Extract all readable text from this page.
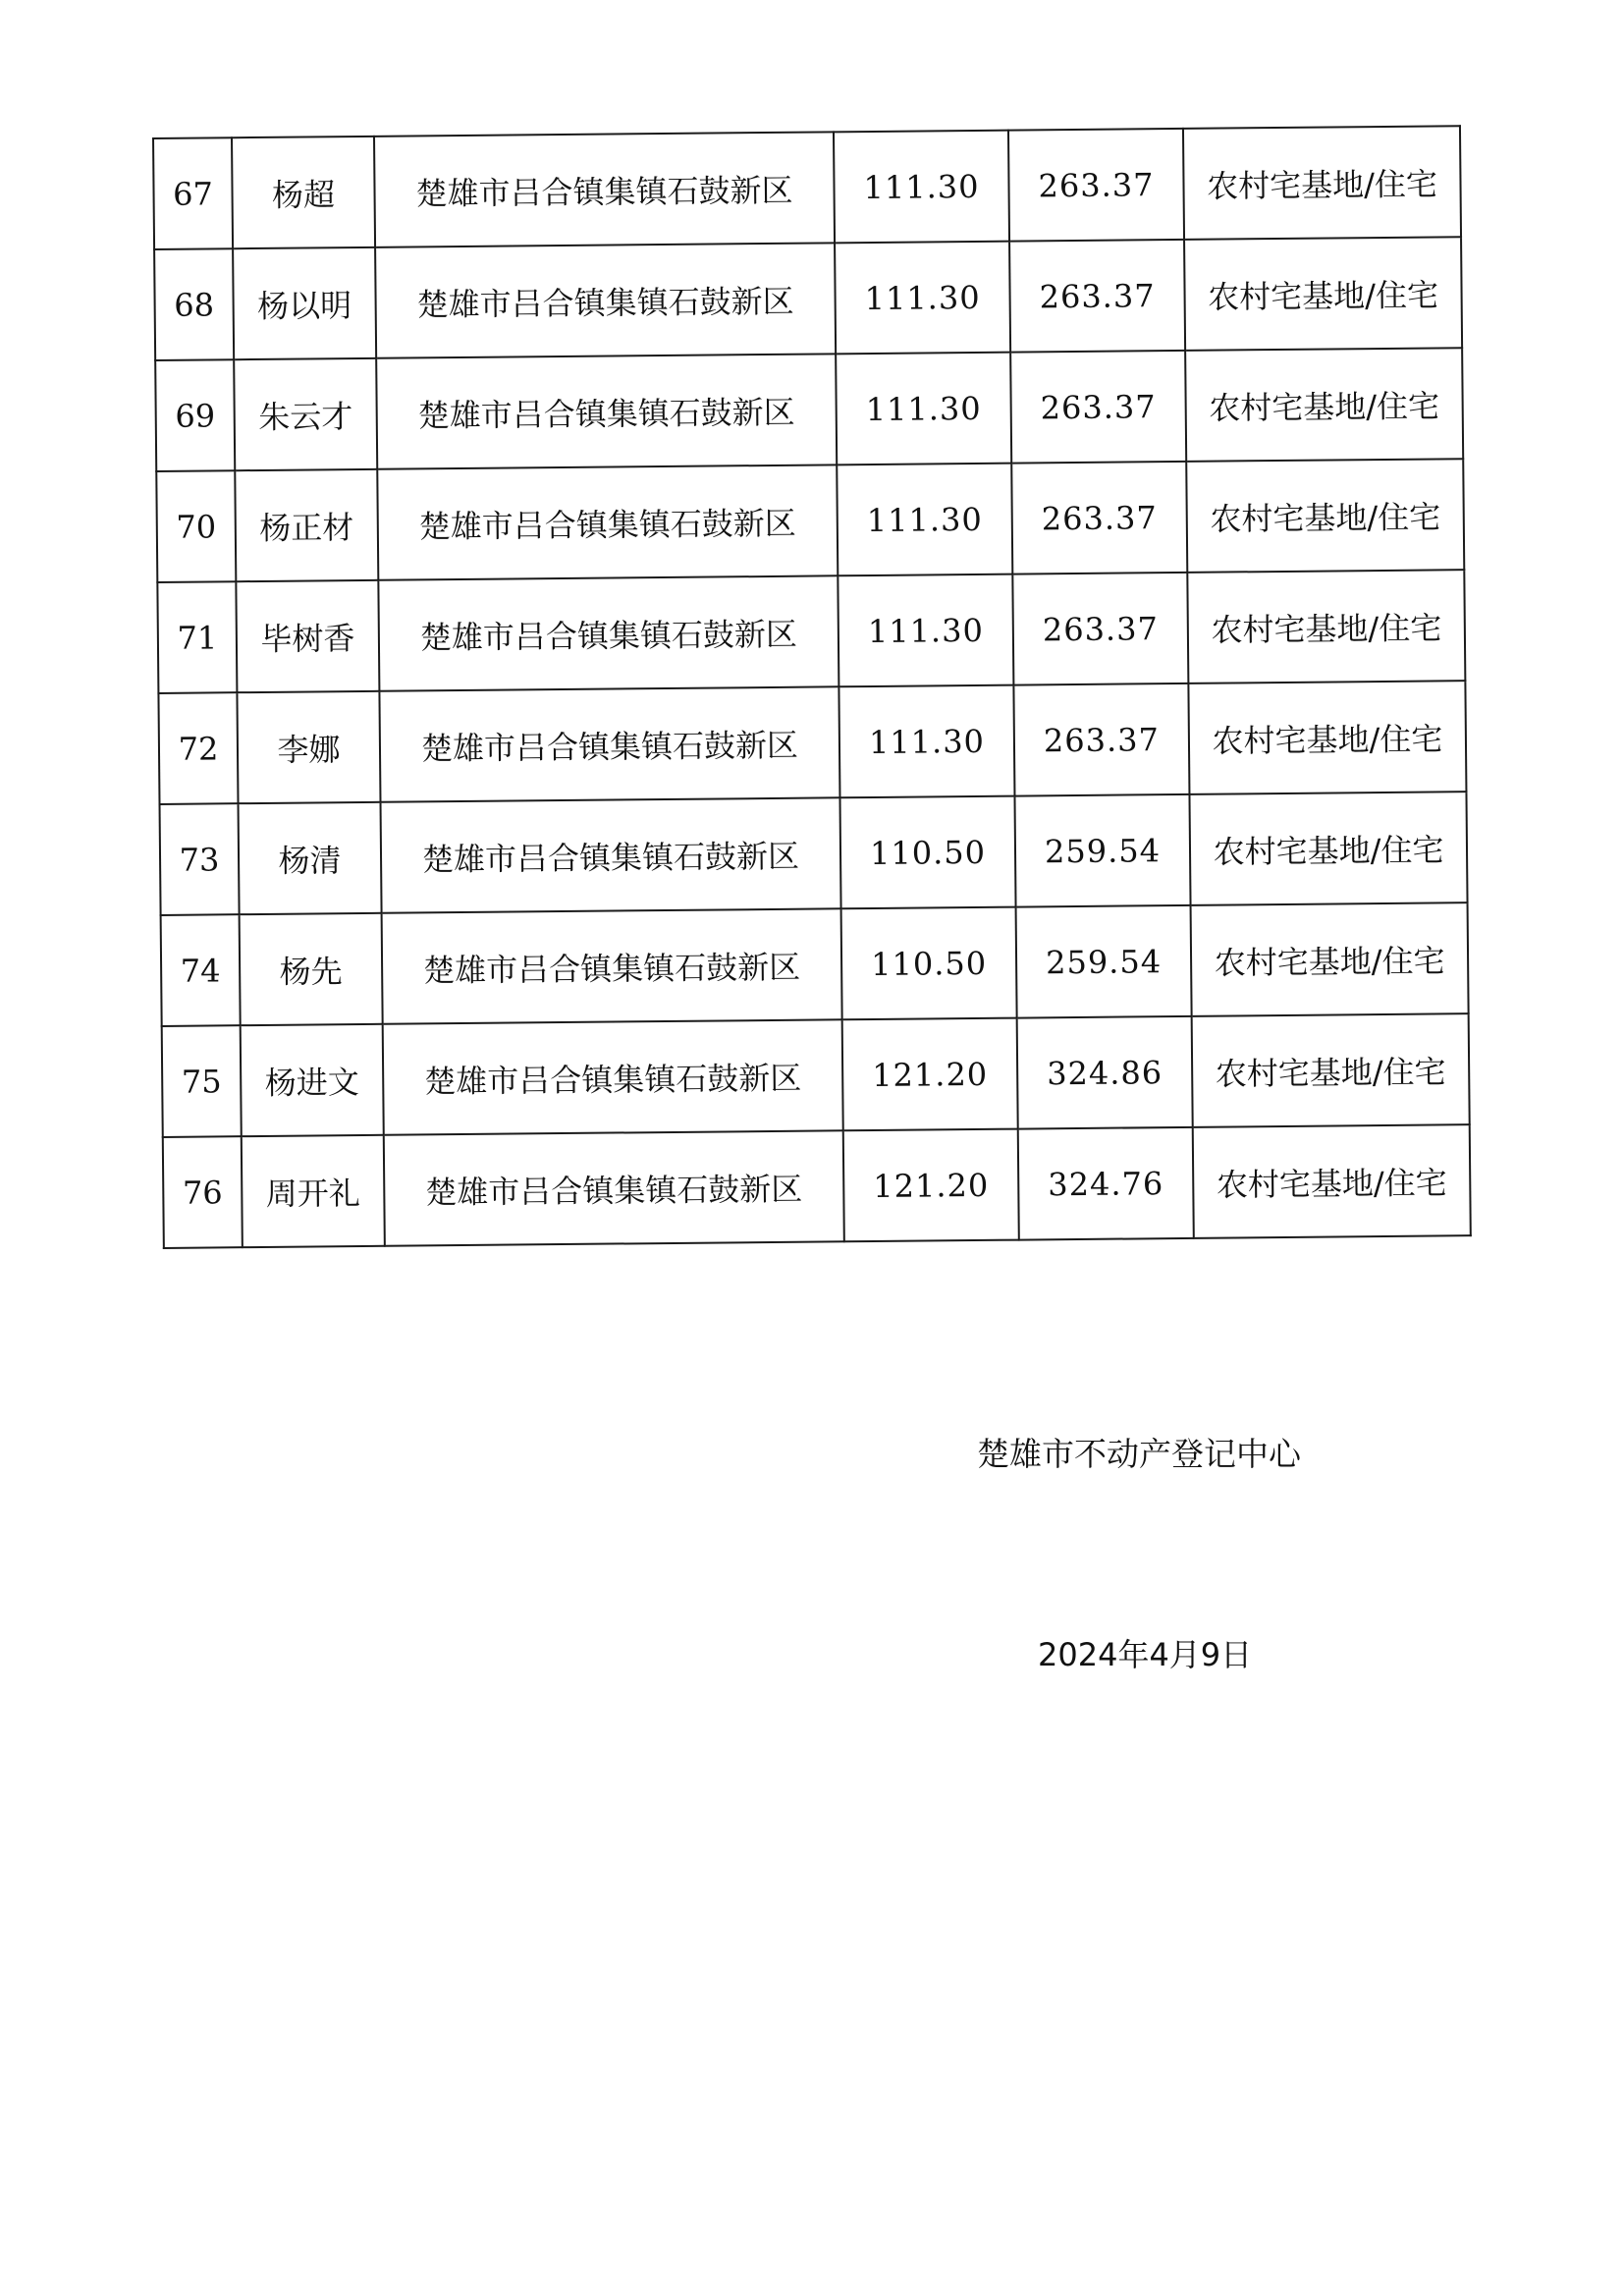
67	杨超	楚雄市吕合镇集镇石鼓新区	111.30	263.37	农村宅基地/住宅
68	杨以明	楚雄市吕合镇集镇石鼓新区	111.30	263.37	农村宅基地/住宅
69	朱云才	楚雄市吕合镇集镇石鼓新区	111.30	263.37	农村宅基地/住宅
70	杨正材	楚雄市吕合镇集镇石鼓新区	111.30	263.37	农村宅基地/住宅
71	毕树香	楚雄市吕合镇集镇石鼓新区	111.30	263.37	农村宅基地/住宅
72	李娜	楚雄市吕合镇集镇石鼓新区	111.30	263.37	农村宅基地/住宅
73	杨清	楚雄市吕合镇集镇石鼓新区	110.50	259.54	农村宅基地/住宅
74	杨先	楚雄市吕合镇集镇石鼓新区	110.50	259.54	农村宅基地/住宅
75	杨进文	楚雄市吕合镇集镇石鼓新区	121.20	324.86	农村宅基地/住宅
76	周开礼	楚雄市吕合镇集镇石鼓新区	121.20	324.76	农村宅基地/住宅
楚雄市不动产登记中心
2024年4月9日
